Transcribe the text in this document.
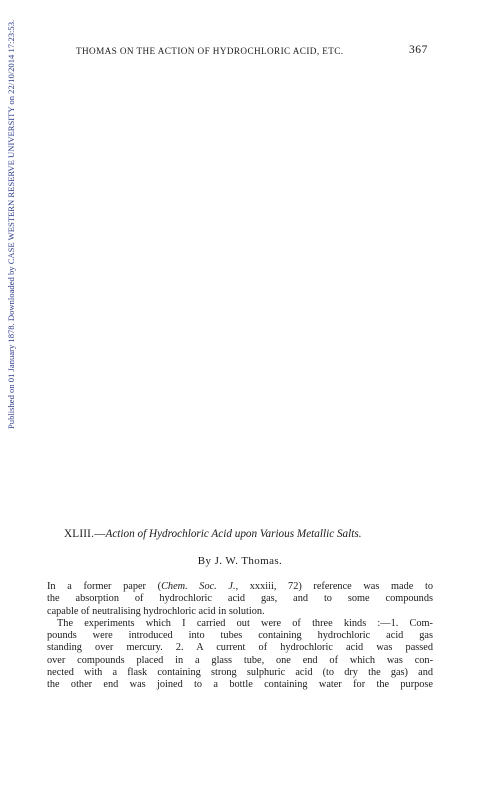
Published on 01 January 1878. Downloaded by CASE WESTERN RESERVE UNIVERSITY on 22/10/2014 17:23:53.	THOMAS ON THE ACTION OF HYDROCHLORIC ACID, ETC.	367
XLIII.—Action of Hydrochloric Acid upon Various Metallic Salts.
By J. W. Thomas.
In a former paper (Chem. Soc. J., xxxiii, 72) reference was made to
the absorption of hydrochloric acid gas, and to some compounds
capable of neutralising hydrochloric acid in solution.
The experiments which I carried out were of three kinds :—1. Com-
pounds were introduced into tubes containing hydrochloric acid gas
standing over mercury. 2. A current of hydrochloric acid was passed
over compounds placed in a glass tube, one end of which was con-
nected with a flask containing strong sulphuric acid (to dry the gas) and
the other end was joined to a bottle containing water for the purpose
